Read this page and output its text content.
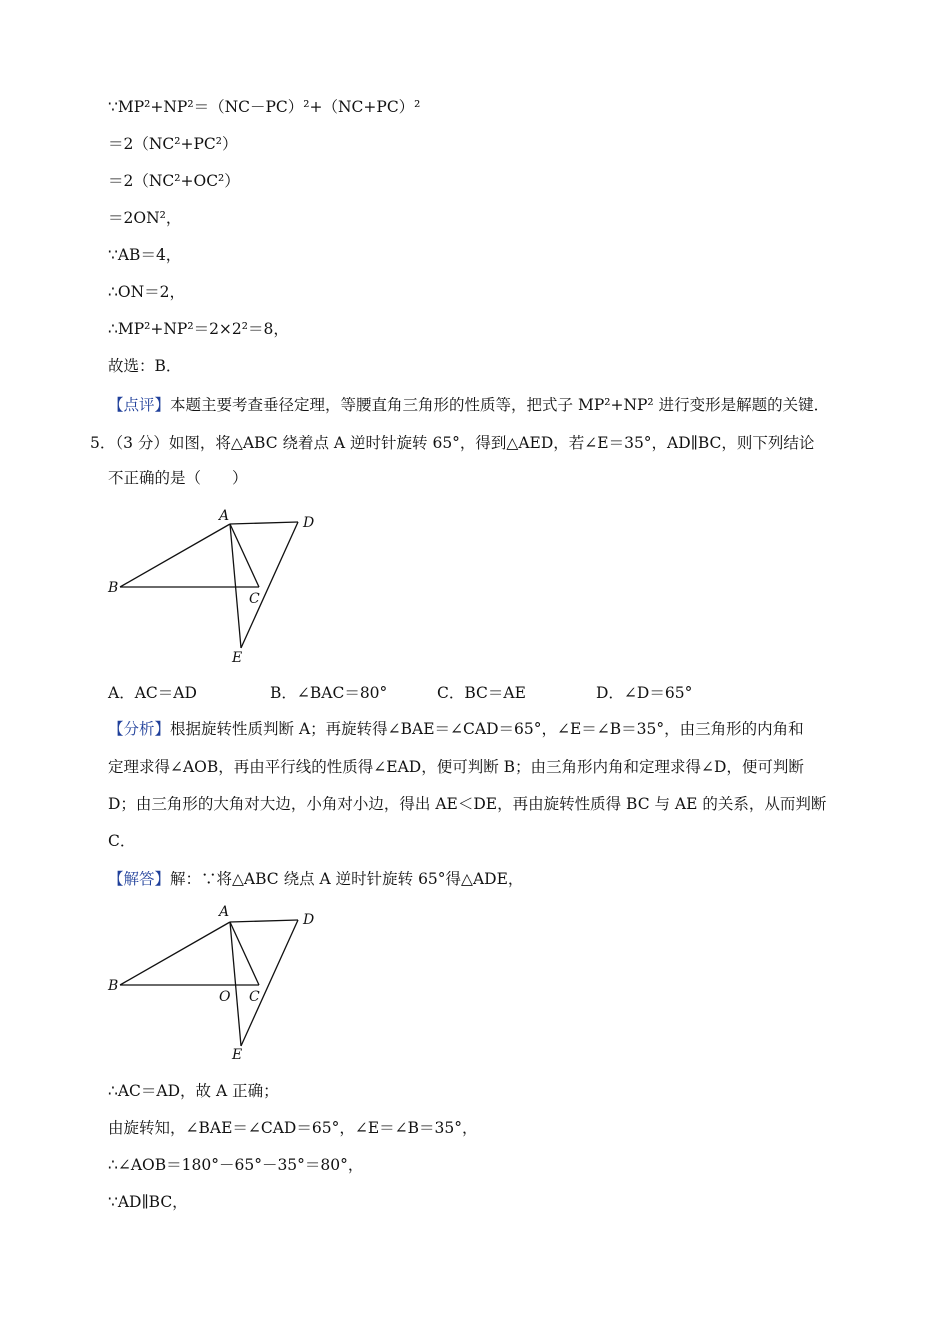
∵MP²+NP²＝（NC－PC）²+（NC+PC）²
＝2（NC²+PC²）
＝2（NC²+OC²）
＝2ON²，
∵AB＝4，
∴ON＝2，
∴MP²+NP²＝2×2²＝8，
故选：B．
【点评】本题主要考查垂径定理，等腰直角三角形的性质等，把式子 MP²+NP² 进行变形是解题的关键．
5．（3 分）如图，将△ABC 绕着点 A 逆时针旋转 65°，得到△AED，若∠E＝35°，AD∥BC，则下列结论
不正确的是（　　）
A	D
B
C
E
A．AC＝AD	B．∠BAC＝80°	C．BC＝AE	D．∠D＝65°
【分析】根据旋转性质判断 A；再旋转得∠BAE＝∠CAD＝65°，∠E＝∠B＝35°，由三角形的内角和
定理求得∠AOB，再由平行线的性质得∠EAD，便可判断 B；由三角形内角和定理求得∠D，便可判断
D；由三角形的大角对大边，小角对小边，得出 AE＜DE，再由旋转性质得 BC 与 AE 的关系，从而判断
C．
【解答】解：∵将△ABC 绕点 A 逆时针旋转 65°得△ADE，
A	D
B
O C
E
∴AC＝AD，故 A 正确；
由旋转知，∠BAE＝∠CAD＝65°，∠E＝∠B＝35°，
∴∠AOB＝180°－65°－35°＝80°，
∵AD∥BC，
